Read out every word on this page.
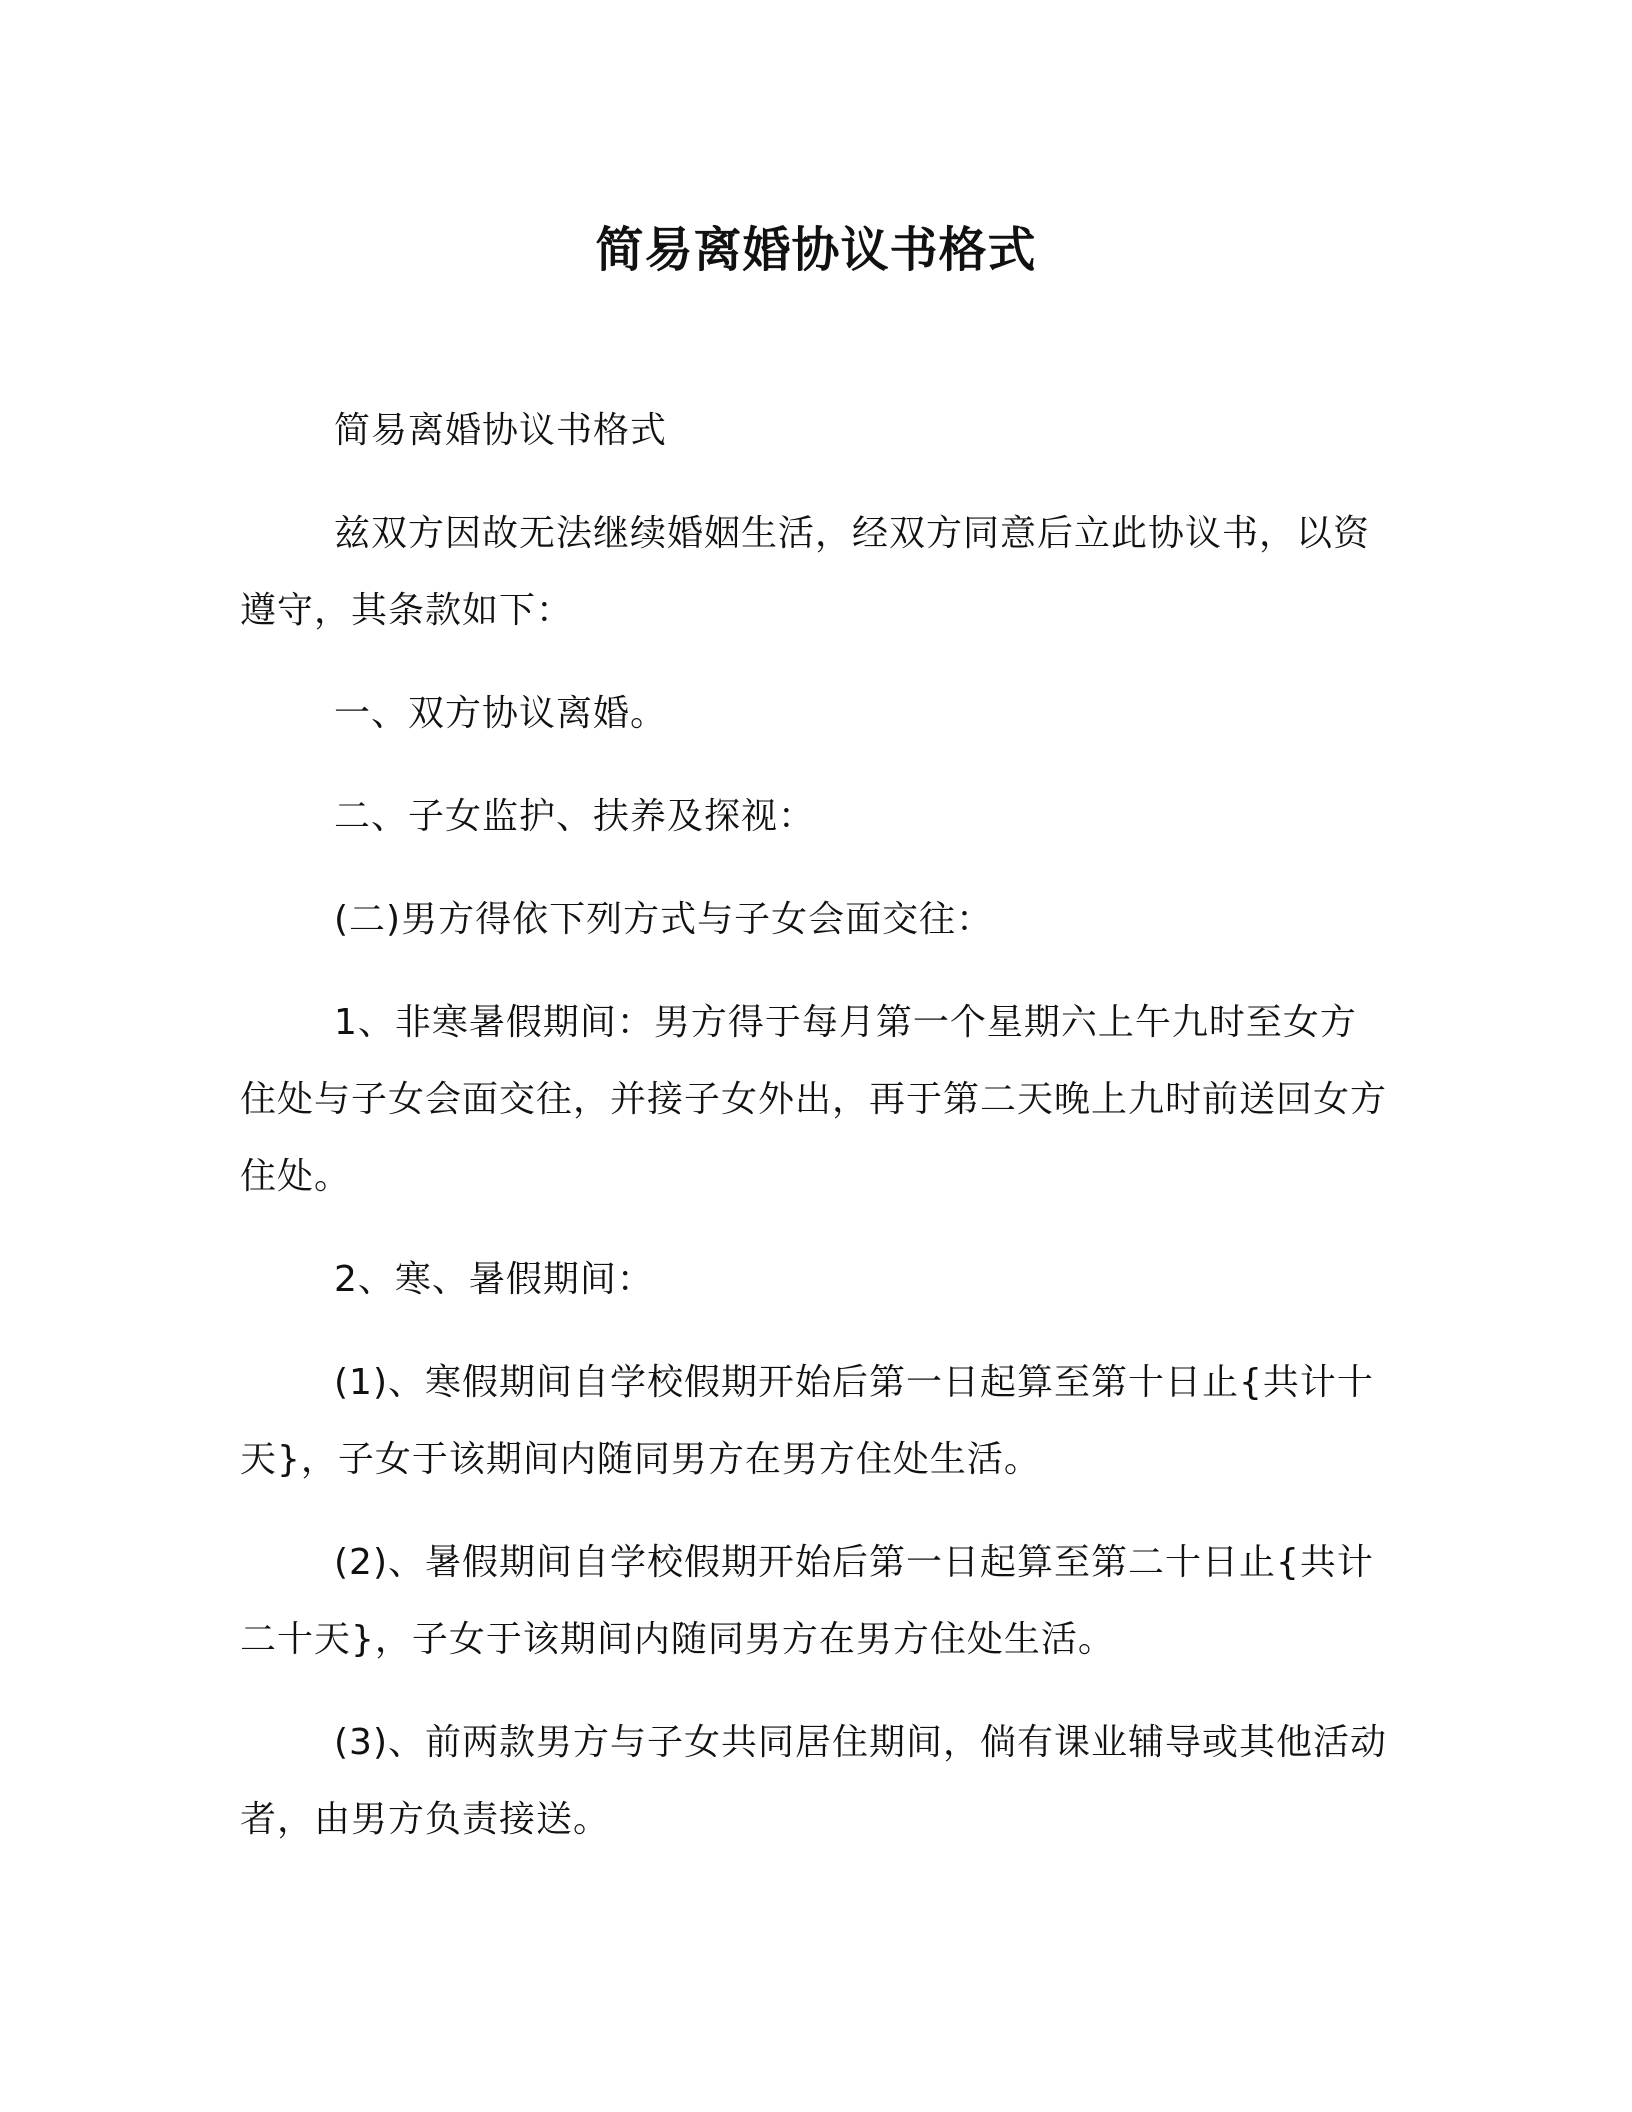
简易离婚协议书格式

简易离婚协议书格式

兹双方因故无法继续婚姻生活，经双方同意后立此协议书，以资遵守，其条款如下：

一、双方协议离婚。

二、子女监护、扶养及探视：

(二)男方得依下列方式与子女会面交往：

1、非寒暑假期间：男方得于每月第一个星期六上午九时至女方住处与子女会面交往，并接子女外出，再于第二天晚上九时前送回女方住处。

2、寒、暑假期间：

(1)、寒假期间自学校假期开始后第一日起算至第十日止{共计十天}，子女于该期间内随同男方在男方住处生活。

(2)、暑假期间自学校假期开始后第一日起算至第二十日止{共计二十天}，子女于该期间内随同男方在男方住处生活。

(3)、前两款男方与子女共同居住期间，倘有课业辅导或其他活动者，由男方负责接送。
